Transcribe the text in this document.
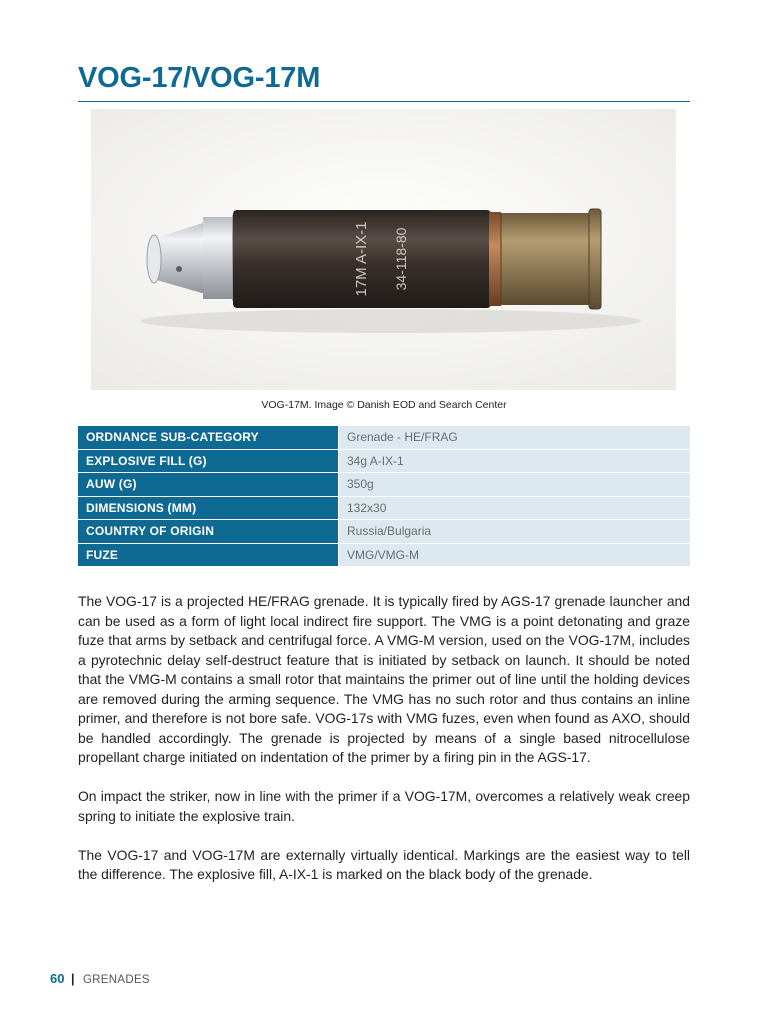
VOG-17/VOG-17M
17M A-IX-1 34-118-80
VOG-17M. Image © Danish EOD and Search Center
ORDNANCE SUB-CATEGORY	Grenade - HE/FRAG
EXPLOSIVE FILL (G)	34g A-IX-1
AUW (G)	350g
DIMENSIONS (MM)	132x30
COUNTRY OF ORIGIN	Russia/Bulgaria
FUZE	VMG/VMG-M

The VOG-17 is a projected HE/FRAG grenade. It is typically fired by AGS-17 grenade launcher and can be used as a form of light local indirect fire support. The VMG is a point detonating and graze fuze that arms by setback and centrifugal force. A VMG-M version, used on the VOG-17M, includes a pyrotechnic delay self-destruct feature that is initiated by setback on launch. It should be noted that the VMG-M contains a small rotor that maintains the primer out of line until the holding devices are removed during the arming sequence. The VMG has no such rotor and thus contains an inline primer, and therefore is not bore safe. VOG-17s with VMG fuzes, even when found as AXO, should be handled accordingly. The grenade is projected by means of a single based nitrocellulose propellant charge initiated on indentation of the primer by a firing pin in the AGS-17.

On impact the striker, now in line with the primer if a VOG-17M, overcomes a relatively weak creep spring to initiate the explosive train.

The VOG-17 and VOG-17M are externally virtually identical. Markings are the easiest way to tell the difference. The explosive fill, A-IX-1 is marked on the black body of the grenade.

60 | GRENADES
